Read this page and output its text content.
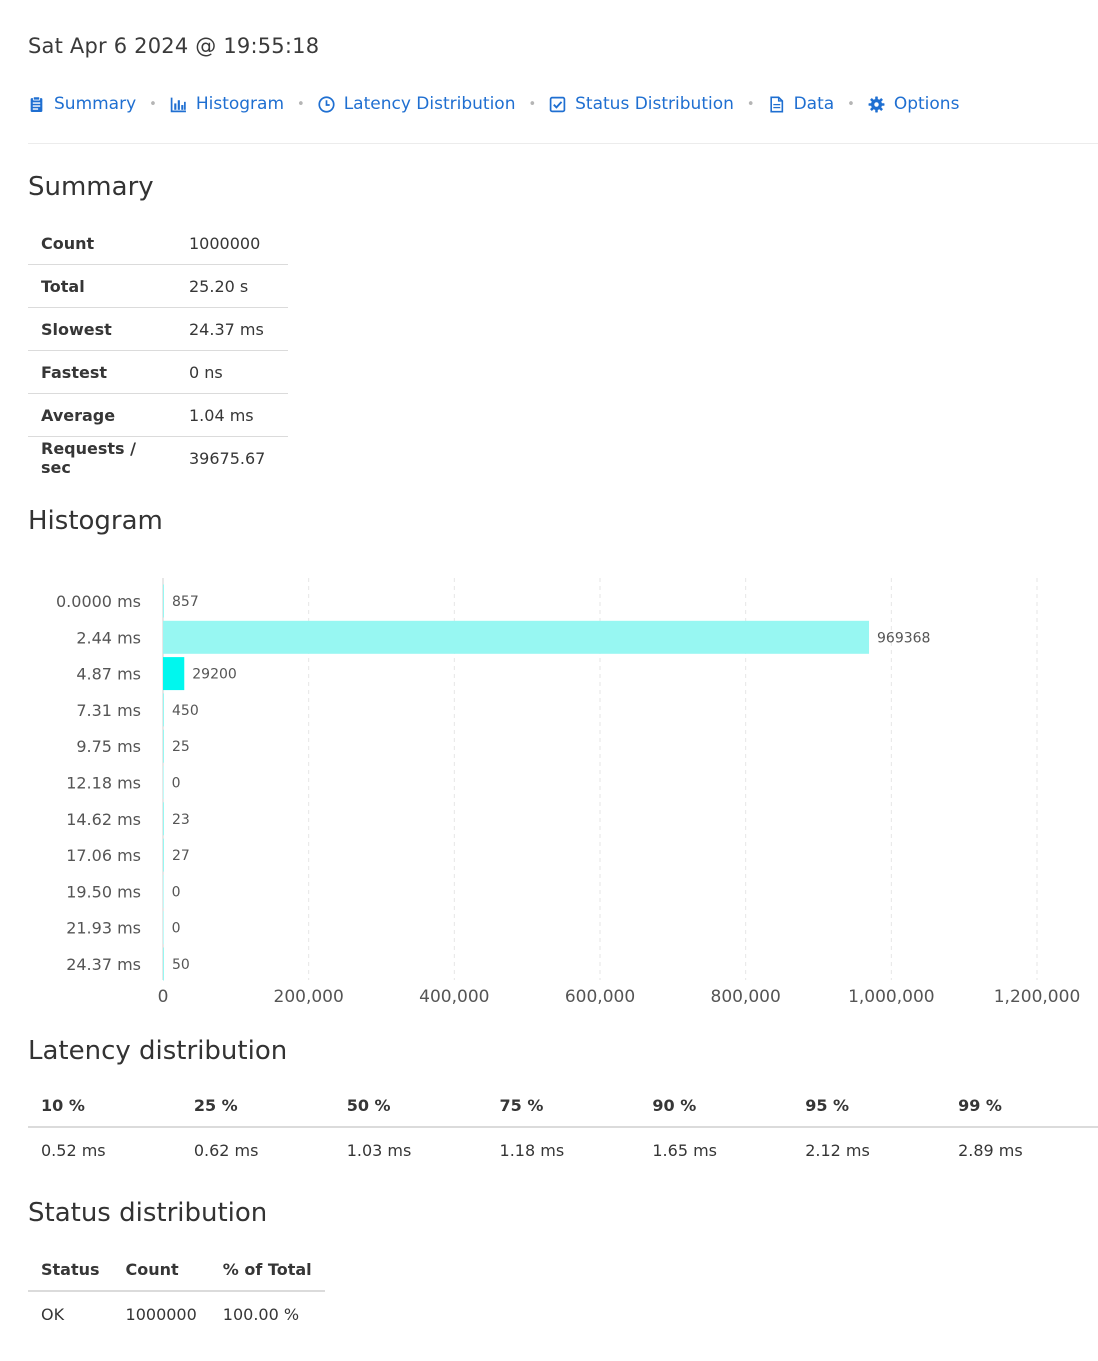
Sat Apr 6 2024 @ 19:55:18
Summary • Histogram • Latency Distribution • Status Distribution • Data • Options
Summary
Count	1000000
Total	25.20 s
Slowest	24.37 ms
Fastest	0 ns
Average	1.04 ms
Requests / sec	39675.67
Histogram
0	200,000	400,000	600,000	800,000	1,000,000	1,200,000
0.0000 ms 857
2.44 ms	969368
4.87 ms	29200
7.31 ms 450
9.75 ms 25
12.18 ms 0
14.62 ms 23
17.06 ms 27
19.50 ms 0
21.93 ms 0
24.37 ms 50
Latency distribution
10 %	25 %	50 %	75 %	90 %	95 %	99 %
0.52 ms	0.62 ms	1.03 ms	1.18 ms	1.65 ms	2.12 ms	2.89 ms
Status distribution
Status	Count	% of Total
OK	1000000	100.00 %
